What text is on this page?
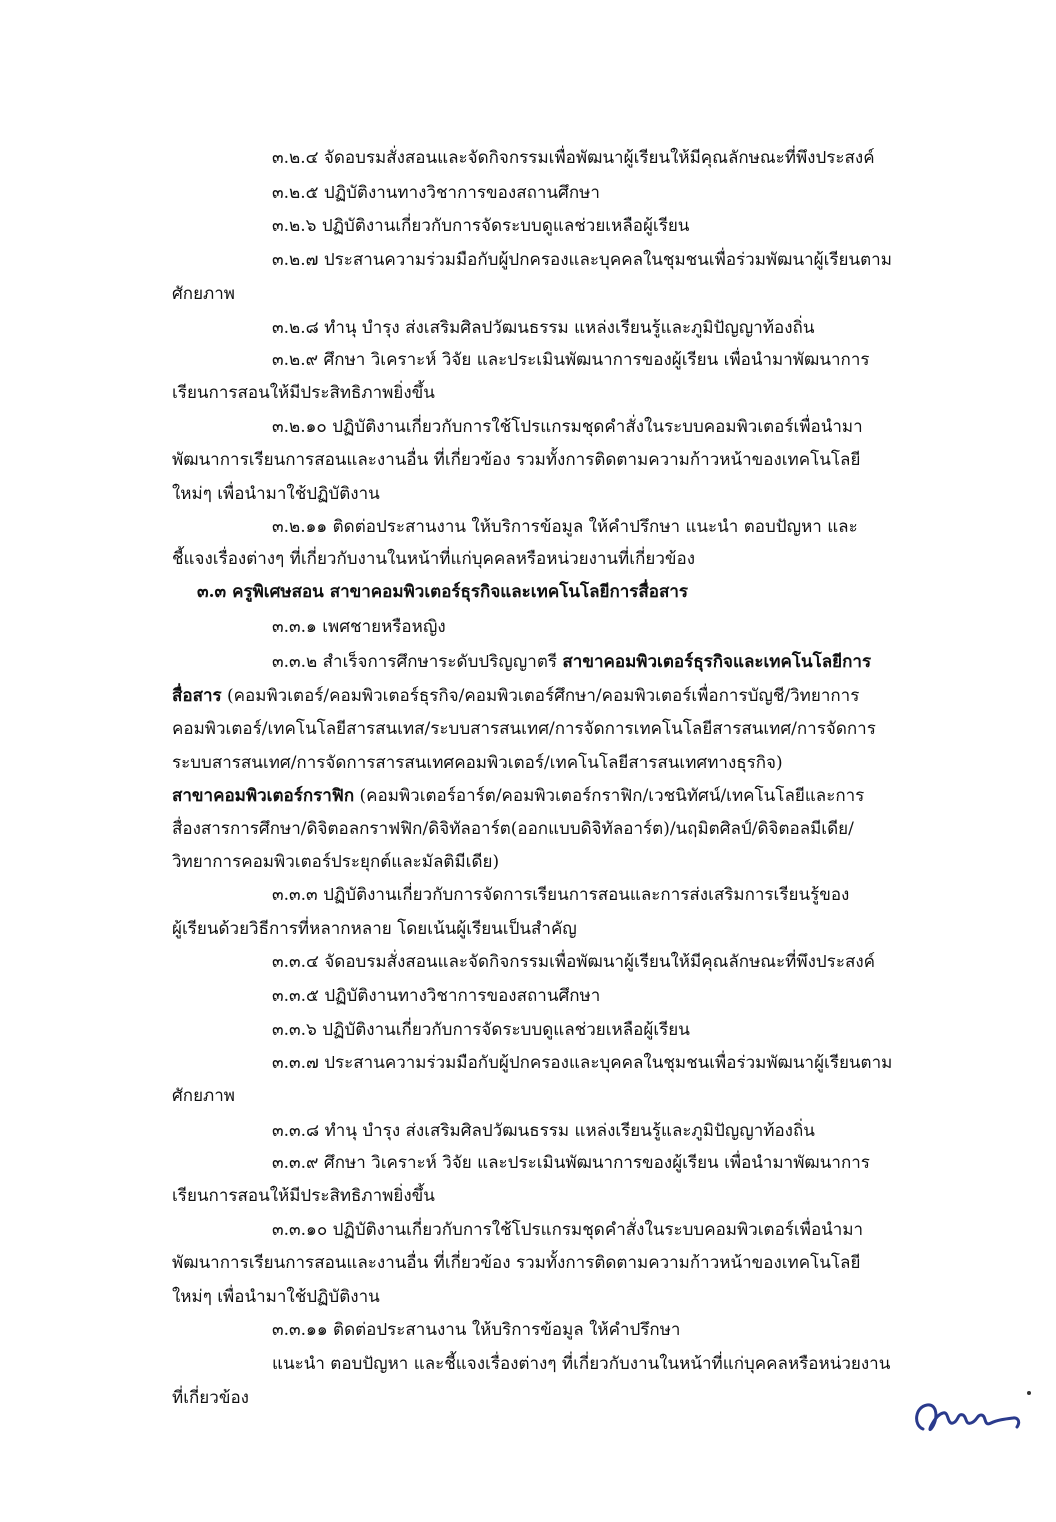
๓.๒.๔ จัดอบรมสั่งสอนและจัดกิจกรรมเพื่อพัฒนาผู้เรียนให้มีคุณลักษณะที่พึงประสงค์
๓.๒.๕ ปฏิบัติงานทางวิชาการของสถานศึกษา
๓.๒.๖ ปฏิบัติงานเกี่ยวกับการจัดระบบดูแลช่วยเหลือผู้เรียน
๓.๒.๗ ประสานความร่วมมือกับผู้ปกครองและบุคคลในชุมชนเพื่อร่วมพัฒนาผู้เรียนตาม
ศักยภาพ
๓.๒.๘ ทำนุ บำรุง ส่งเสริมศิลปวัฒนธรรม แหล่งเรียนรู้และภูมิปัญญาท้องถิ่น
๓.๒.๙ ศึกษา วิเคราะห์ วิจัย และประเมินพัฒนาการของผู้เรียน เพื่อนำมาพัฒนาการ
เรียนการสอนให้มีประสิทธิภาพยิ่งขึ้น
๓.๒.๑๐ ปฏิบัติงานเกี่ยวกับการใช้โปรแกรมชุดคำสั่งในระบบคอมพิวเตอร์เพื่อนำมา
พัฒนาการเรียนการสอนและงานอื่น ที่เกี่ยวข้อง รวมทั้งการติดตามความก้าวหน้าของเทคโนโลยี
ใหม่ๆ เพื่อนำมาใช้ปฏิบัติงาน
๓.๒.๑๑ ติดต่อประสานงาน ให้บริการข้อมูล ให้คำปรึกษา แนะนำ ตอบปัญหา และ
ชี้แจงเรื่องต่างๆ ที่เกี่ยวกับงานในหน้าที่แก่บุคคลหรือหน่วยงานที่เกี่ยวข้อง
๓.๓ ครูพิเศษสอน สาขาคอมพิวเตอร์ธุรกิจและเทคโนโลยีการสื่อสาร
๓.๓.๑ เพศชายหรือหญิง
๓.๓.๒ สำเร็จการศึกษาระดับปริญญาตรี สาขาคอมพิวเตอร์ธุรกิจและเทคโนโลยีการ
สื่อสาร (คอมพิวเตอร์/คอมพิวเตอร์ธุรกิจ/คอมพิวเตอร์ศึกษา/คอมพิวเตอร์เพื่อการบัญชี/วิทยาการ
คอมพิวเตอร์/เทคโนโลยีสารสนเทส/ระบบสารสนเทศ/การจัดการเทคโนโลยีสารสนเทศ/การจัดการ
ระบบสารสนเทศ/การจัดการสารสนเทศคอมพิวเตอร์/เทคโนโลยีสารสนเทศทางธุรกิจ)
สาขาคอมพิวเตอร์กราฟิก (คอมพิวเตอร์อาร์ต/คอมพิวเตอร์กราฟิก/เวชนิทัศน์/เทคโนโลยีและการ
สื่องสารการศึกษา/ดิจิตอลกราฟฟิก/ดิจิทัลอาร์ต(ออกแบบดิจิทัลอาร์ต)/นฤมิตศิลป์/ดิจิตอลมีเดีย/
วิทยาการคอมพิวเตอร์ประยุกต์และมัลติมีเดีย)
๓.๓.๓ ปฏิบัติงานเกี่ยวกับการจัดการเรียนการสอนและการส่งเสริมการเรียนรู้ของ
ผู้เรียนด้วยวิธีการที่หลากหลาย โดยเน้นผู้เรียนเป็นสำคัญ
๓.๓.๔ จัดอบรมสั่งสอนและจัดกิจกรรมเพื่อพัฒนาผู้เรียนให้มีคุณลักษณะที่พึงประสงค์
๓.๓.๕ ปฏิบัติงานทางวิชาการของสถานศึกษา
๓.๓.๖ ปฏิบัติงานเกี่ยวกับการจัดระบบดูแลช่วยเหลือผู้เรียน
๓.๓.๗ ประสานความร่วมมือกับผู้ปกครองและบุคคลในชุมชนเพื่อร่วมพัฒนาผู้เรียนตาม
ศักยภาพ
๓.๓.๘ ทำนุ บำรุง ส่งเสริมศิลปวัฒนธรรม แหล่งเรียนรู้และภูมิปัญญาท้องถิ่น
๓.๓.๙ ศึกษา วิเคราะห์ วิจัย และประเมินพัฒนาการของผู้เรียน เพื่อนำมาพัฒนาการ
เรียนการสอนให้มีประสิทธิภาพยิ่งขึ้น
๓.๓.๑๐ ปฏิบัติงานเกี่ยวกับการใช้โปรแกรมชุดคำสั่งในระบบคอมพิวเตอร์เพื่อนำมา
พัฒนาการเรียนการสอนและงานอื่น ที่เกี่ยวข้อง รวมทั้งการติดตามความก้าวหน้าของเทคโนโลยี
ใหม่ๆ เพื่อนำมาใช้ปฏิบัติงาน
๓.๓.๑๑ ติดต่อประสานงาน ให้บริการข้อมูล ให้คำปรึกษา
แนะนำ ตอบปัญหา และชี้แจงเรื่องต่างๆ ที่เกี่ยวกับงานในหน้าที่แก่บุคคลหรือหน่วยงาน
ที่เกี่ยวข้อง
